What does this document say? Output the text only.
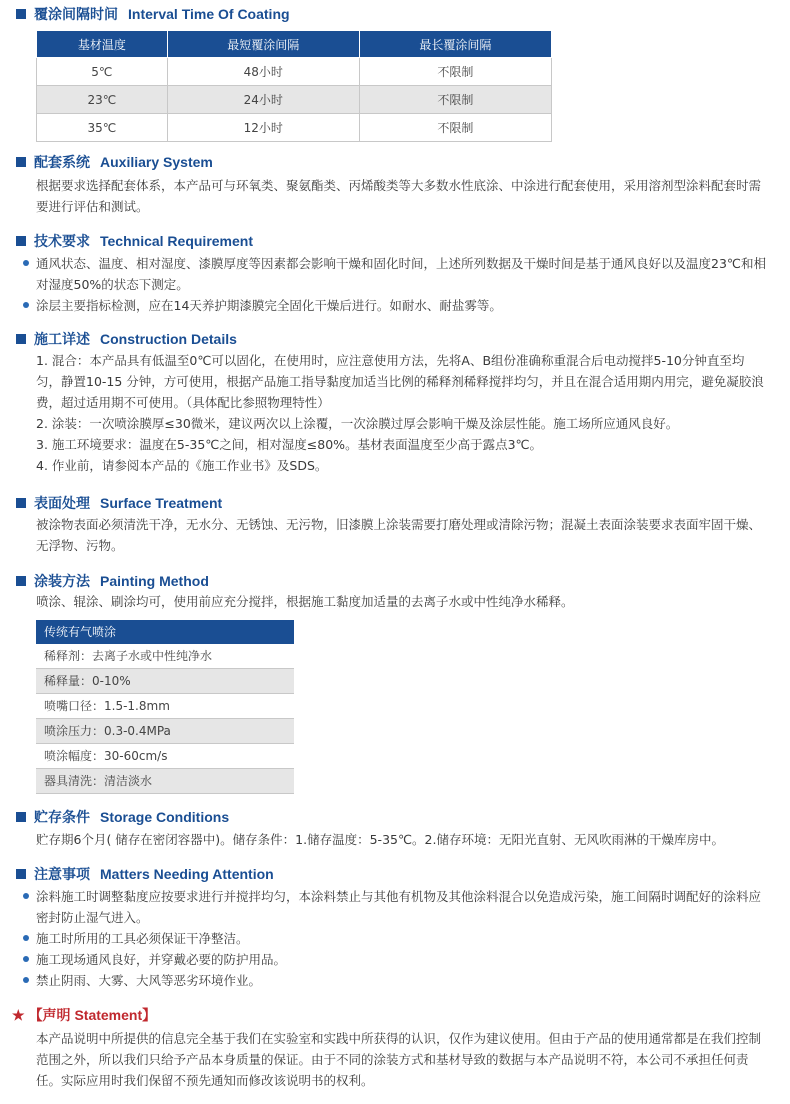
覆涂间隔时间 Interval Time Of Coating
基材温度	最短覆涂间隔	最长覆涂间隔
5℃	48小时	不限制
23℃	24小时	不限制
35℃	12小时	不限制
配套系统 Auxiliary System
根据要求选择配套体系，本产品可与环氧类、聚氨酯类、丙烯酸类等大多数水性底涂、中涂进行配套使用，采用溶剂型涂料配套时需要进行评估和测试。
技术要求 Technical Requirement
通风状态、温度、相对湿度、漆膜厚度等因素都会影响干燥和固化时间，上述所列数据及干燥时间是基于通风良好以及温度23℃和相对湿度50%的状态下测定。
涂层主要指标检测，应在14天养护期漆膜完全固化干燥后进行。如耐水、耐盐雾等。
施工详述 Construction Details
1. 混合：本产品具有低温至0℃可以固化，在使用时，应注意使用方法，先将A、B组份准确称重混合后电动搅拌5-10分钟直至均匀，静置10-15 分钟，方可使用，根据产品施工指导黏度加适当比例的稀释剂稀释搅拌均匀，并且在混合适用期内用完，避免凝胶浪费，超过适用期不可使用。（具体配比参照物理特性）
2. 涂装：一次喷涂膜厚≤30微米，建议两次以上涂覆，一次涂膜过厚会影响干燥及涂层性能。施工场所应通风良好。
3. 施工环境要求：温度在5-35℃之间，相对湿度≤80%。基材表面温度至少高于露点3℃。
4. 作业前，请参阅本产品的《施工作业书》及SDS。
表面处理 Surface Treatment
被涂物表面必须清洗干净，无水分、无锈蚀、无污物，旧漆膜上涂装需要打磨处理或清除污物；混凝土表面涂装要求表面牢固干燥、无浮物、污物。
涂装方法 Painting Method
喷涂、辊涂、刷涂均可，使用前应充分搅拌，根据施工黏度加适量的去离子水或中性纯净水稀释。
传统有气喷涂
稀释剂：去离子水或中性纯净水
稀释量：0-10%
喷嘴口径：1.5-1.8mm
喷涂压力：0.3-0.4MPa
喷涂幅度：30-60cm/s
器具清洗：清洁淡水
贮存条件 Storage Conditions
贮存期6个月( 储存在密闭容器中)。储存条件：1.储存温度：5-35℃。2.储存环境：无阳光直射、无风吹雨淋的干燥库房中。
注意事项 Matters Needing Attention
涂料施工时调整黏度应按要求进行并搅拌均匀，本涂料禁止与其他有机物及其他涂料混合以免造成污染，施工间隔时调配好的涂料应密封防止湿气进入。
施工时所用的工具必须保证干净整洁。
施工现场通风良好，并穿戴必要的防护用品。
禁止阴雨、大雾、大风等恶劣环境作业。
★ 【声明 Statement】
本产品说明中所提供的信息完全基于我们在实验室和实践中所获得的认识，仅作为建议使用。但由于产品的使用通常都是在我们控制范围之外，所以我们只给予产品本身质量的保证。由于不同的涂装方式和基材导致的数据与本产品说明不符，本公司不承担任何责任。实际应用时我们保留不预先通知而修改该说明书的权利。
